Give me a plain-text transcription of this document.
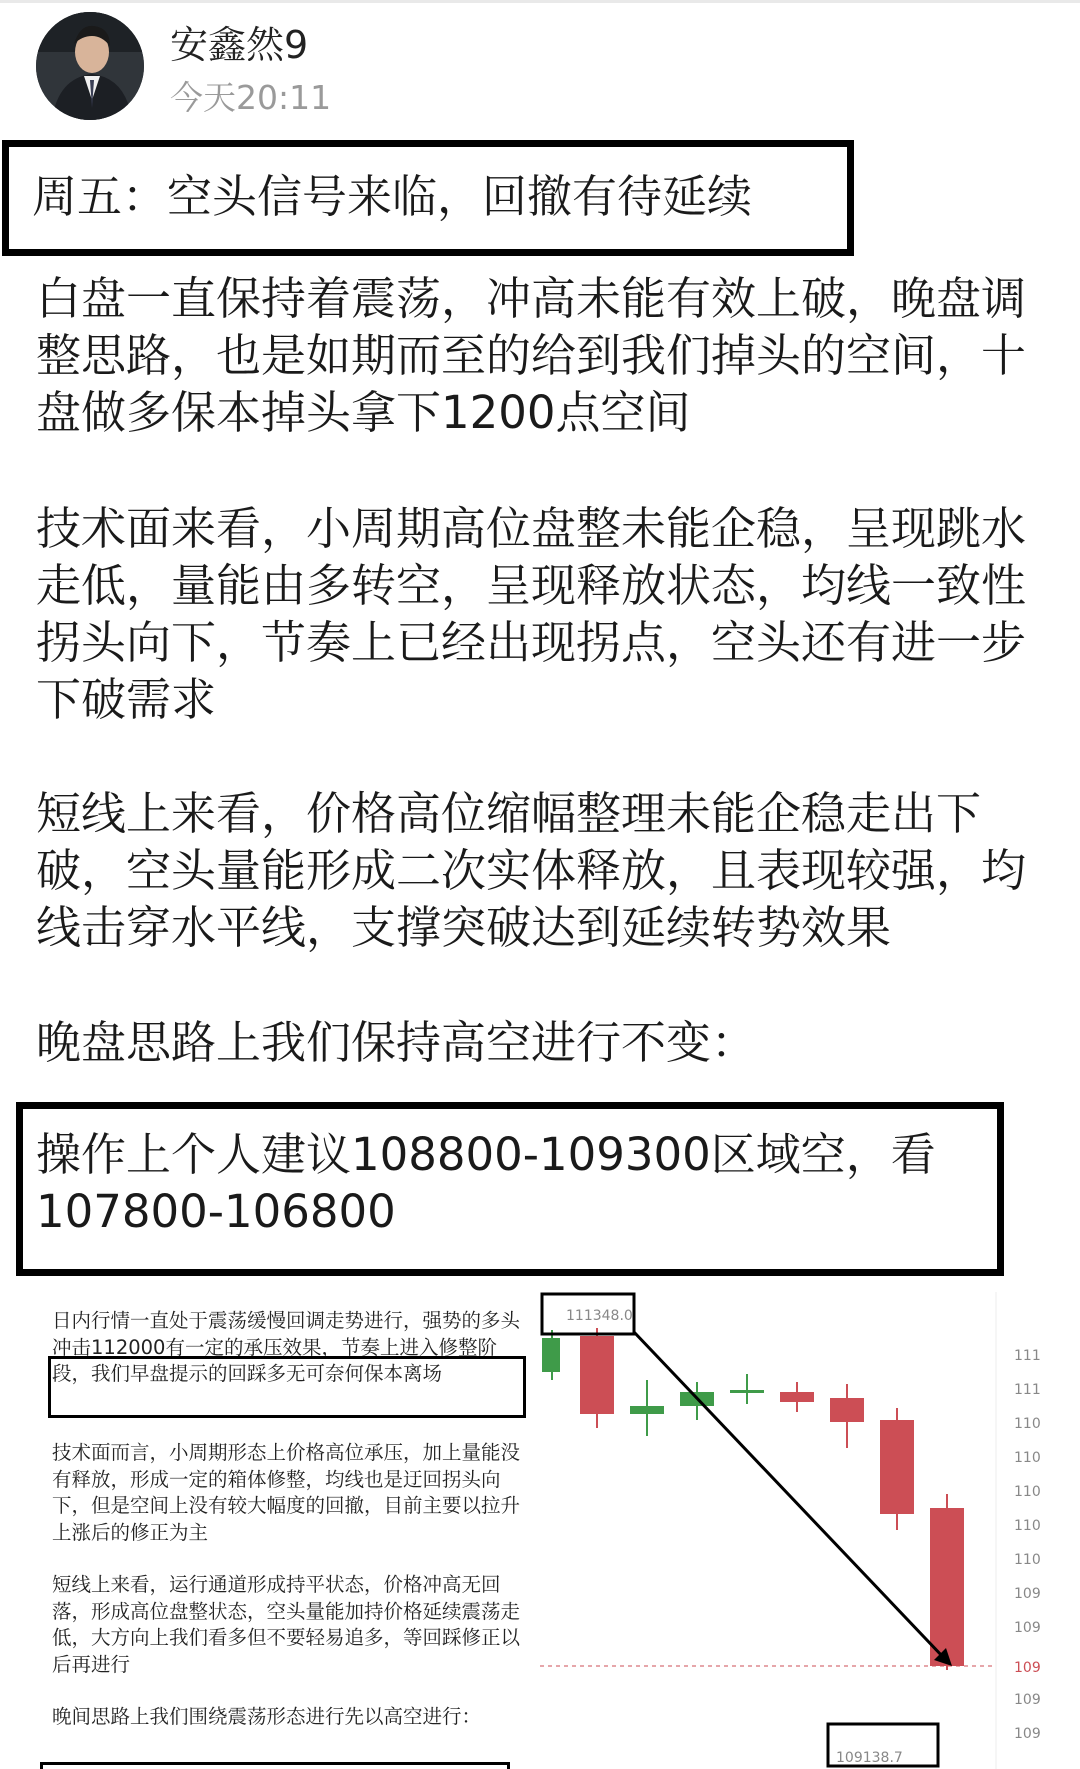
安鑫然9
今天20:11
周五：空头信号来临，回撤有待延续
白盘一直保持着震荡，冲高未能有效上破，晚盘调整思路，也是如期而至的给到我们掉头的空间，十盘做多保本掉头拿下1200点空间
技术面来看，小周期高位盘整未能企稳，呈现跳水走低，量能由多转空，呈现释放状态，均线一致性拐头向下，节奏上已经出现拐点，空头还有进一步下破需求
短线上来看，价格高位缩幅整理未能企稳走出下破，空头量能形成二次实体释放，且表现较强，均线击穿水平线，支撑突破达到延续转势效果
晚盘思路上我们保持高空进行不变：
操作上个人建议108800-109300区域空，看107800-106800
日内行情一直处于震荡缓慢回调走势进行，强势的多头冲击112000有一定的承压效果，节奏上进入修整阶段，我们早盘提示的回踩多无可奈何保本离场
技术面而言，小周期形态上价格高位承压，加上量能没有释放，形成一定的箱体修整，均线也是迂回拐头向下，但是空间上没有较大幅度的回撤，目前主要以拉升上涨后的修正为主
短线上来看，运行通道形成持平状态，价格冲高无回落，形成高位盘整状态，空头量能加持价格延续震荡走低，大方向上我们看多但不要轻易追多，等回踩修正以后再进行
晚间思路上我们围绕震荡形态进行先以高空进行：
111
111
110
110
110
110
110
109
109
109
109
109
111348.0
109138.7
